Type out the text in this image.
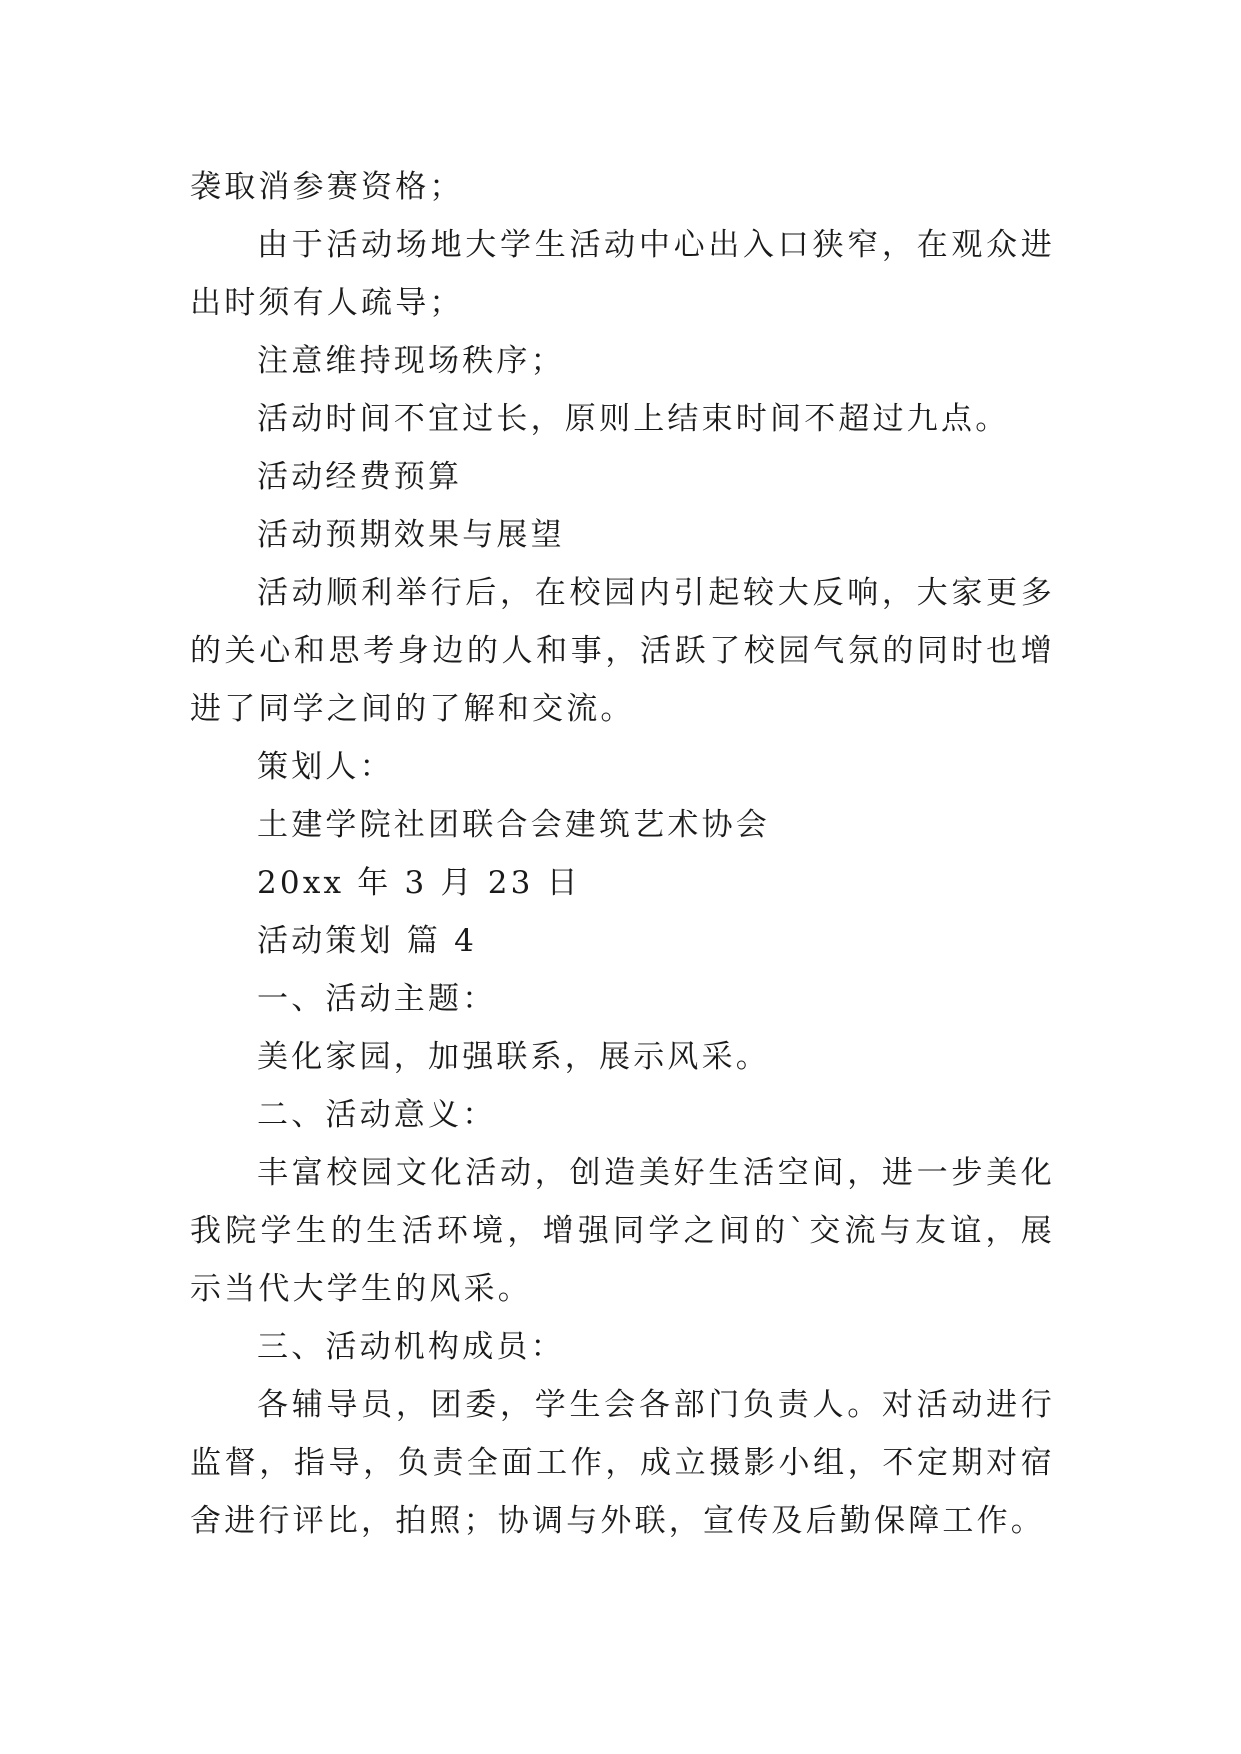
袭取消参赛资格；

由于活动场地大学生活动中心出入口狭窄，在观众进出时须有人疏导；

注意维持现场秩序；

活动时间不宜过长，原则上结束时间不超过九点。

活动经费预算

活动预期效果与展望

活动顺利举行后，在校园内引起较大反响，大家更多的关心和思考身边的人和事，活跃了校园气氛的同时也增进了同学之间的了解和交流。

策划人：

土建学院社团联合会建筑艺术协会

20xx 年 3 月 23 日

活动策划 篇 4

一、活动主题：

美化家园，加强联系，展示风采。

二、活动意义：

丰富校园文化活动，创造美好生活空间，进一步美化我院学生的生活环境，增强同学之间的`交流与友谊，展示当代大学生的风采。

三、活动机构成员：

各辅导员，团委，学生会各部门负责人。对活动进行监督，指导，负责全面工作，成立摄影小组，不定期对宿舍进行评比，拍照；协调与外联，宣传及后勤保障工作。
